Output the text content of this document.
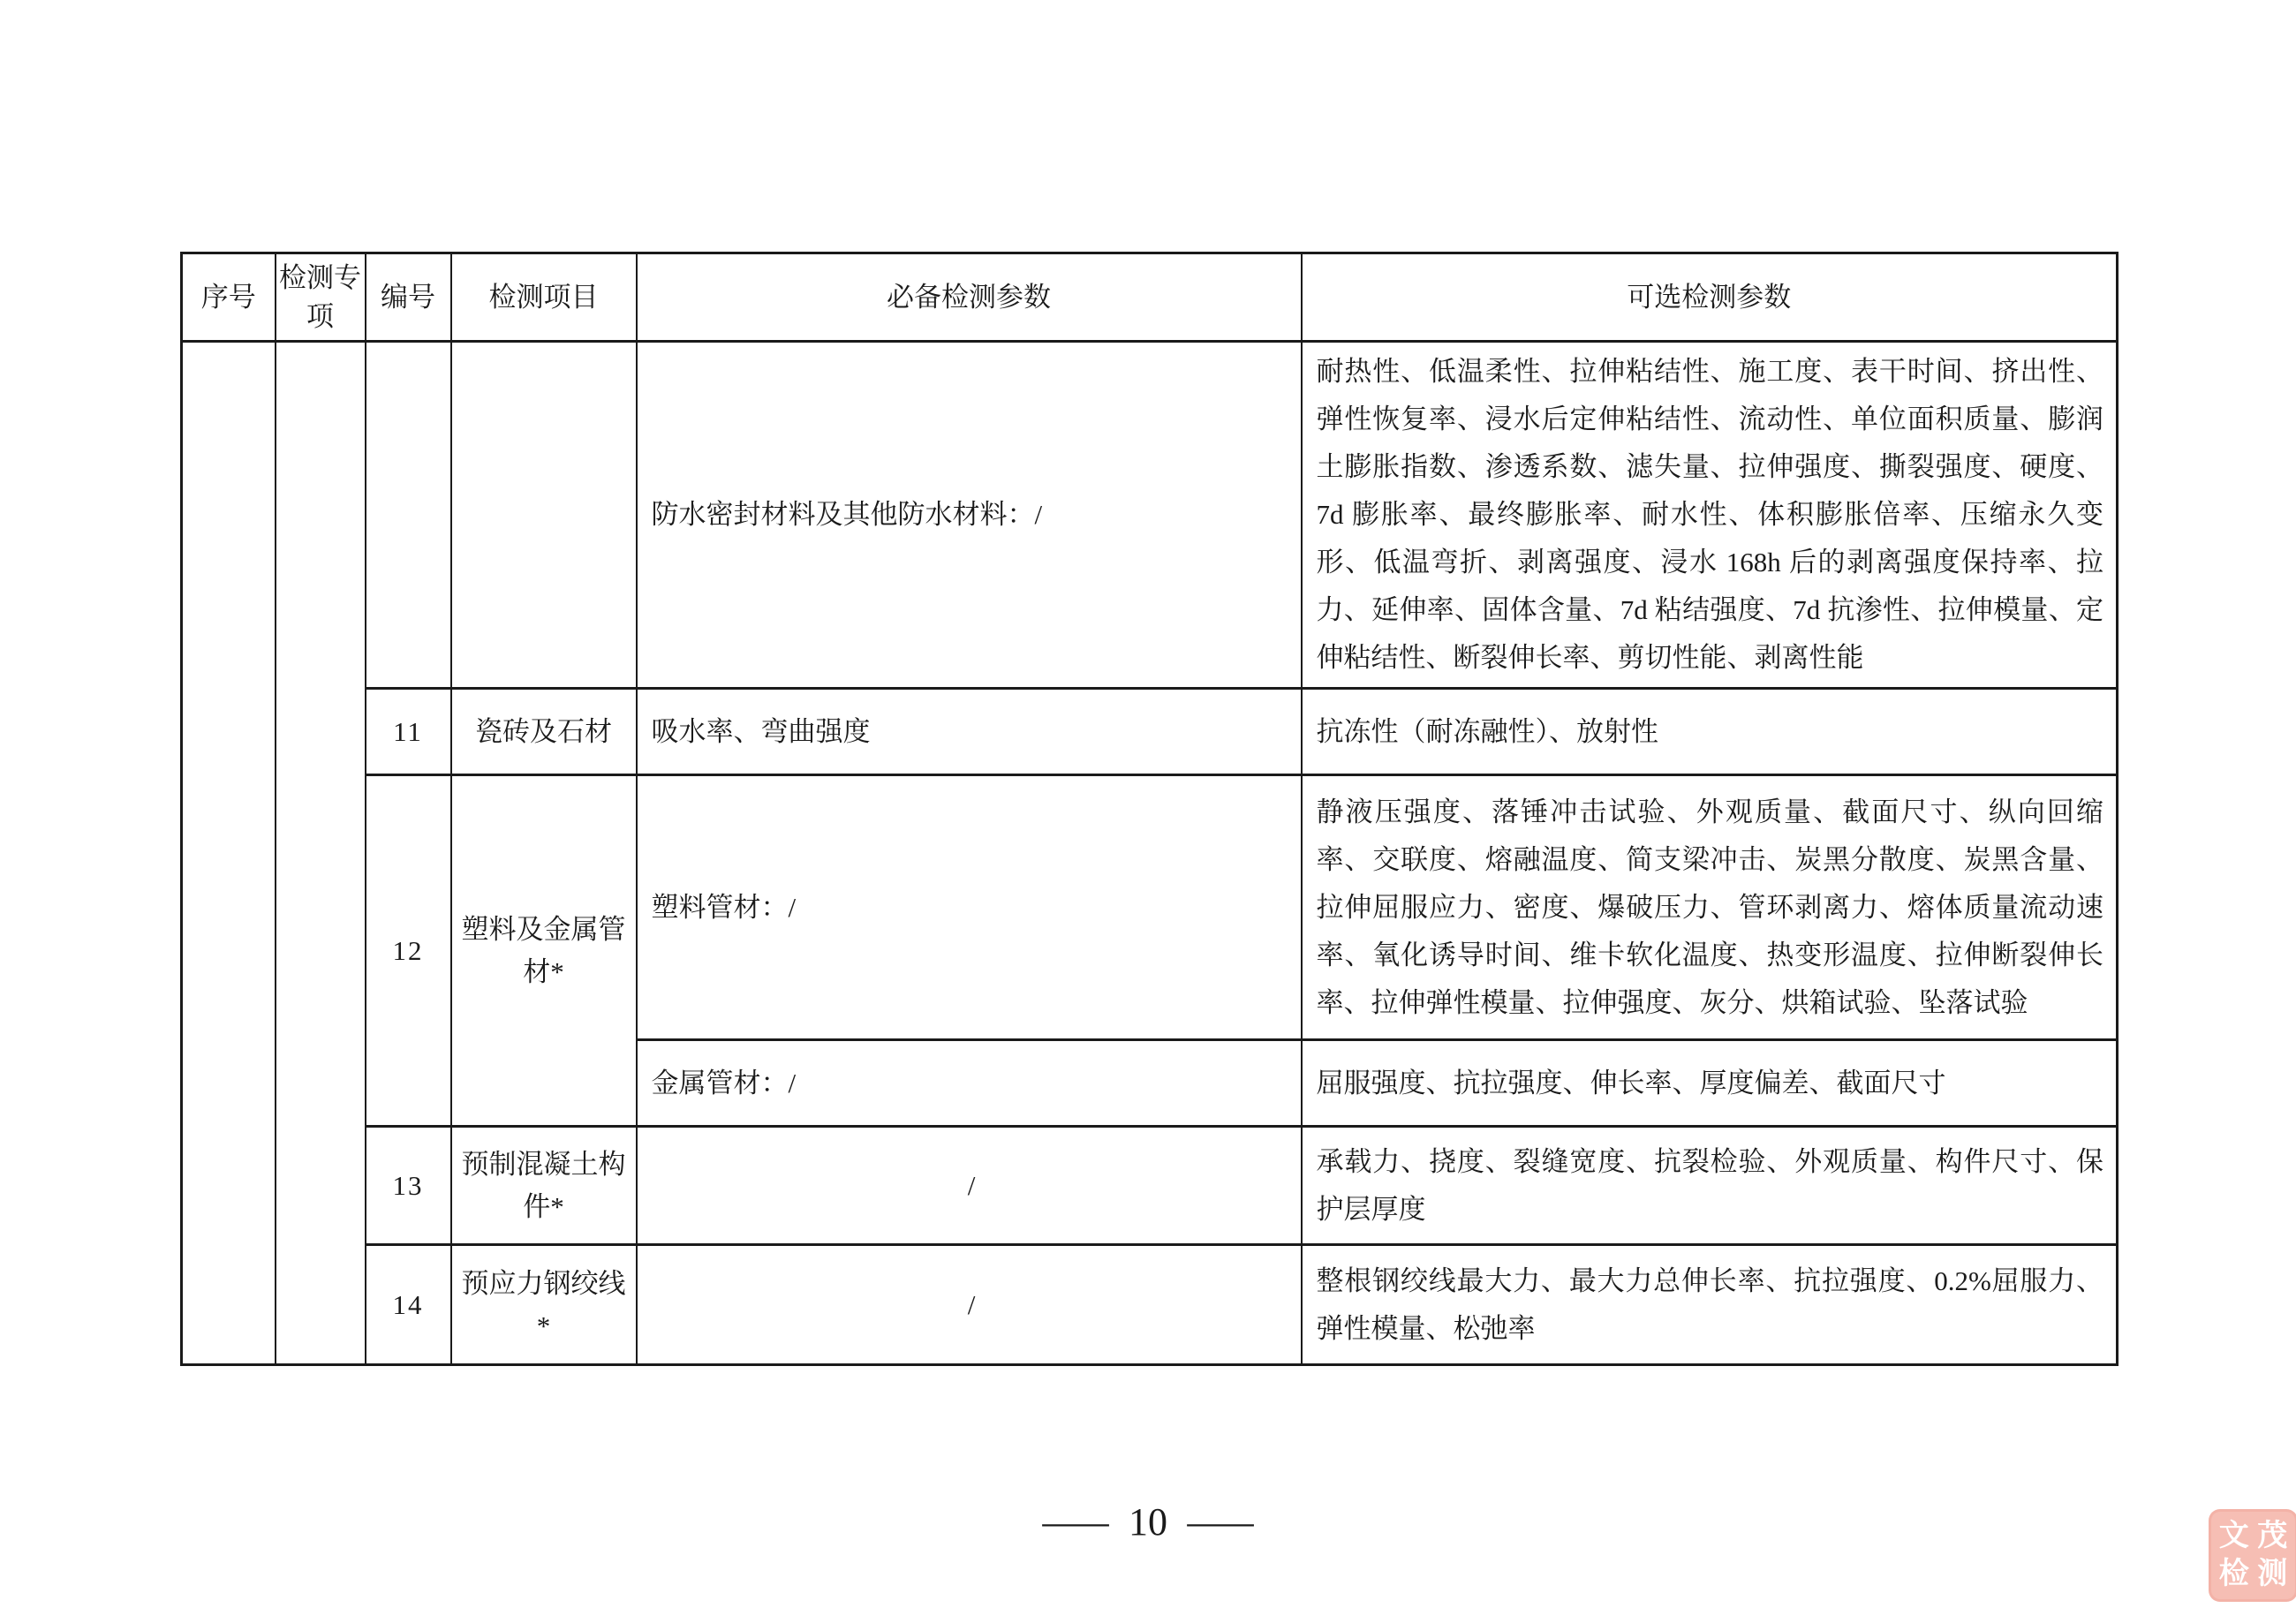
序号	检测专项	编号	检测项目	必备检测参数	可选检测参数
				防水密封材料及其他防水材料：/	耐热性、低温柔性、拉伸粘结性、施工度、表干时间、挤出性、弹性恢复率、浸水后定伸粘结性、流动性、单位面积质量、膨润土膨胀指数、渗透系数、滤失量、拉伸强度、撕裂强度、硬度、7d 膨胀率、最终膨胀率、耐水性、体积膨胀倍率、压缩永久变形、低温弯折、剥离强度、浸水 168h 后的剥离强度保持率、拉力、延伸率、固体含量、7d 粘结强度、7d 抗渗性、拉伸模量、定伸粘结性、断裂伸长率、剪切性能、剥离性能
		11	瓷砖及石材	吸水率、弯曲强度	抗冻性（耐冻融性）、放射性
		12	塑料及金属管材*	塑料管材：/	静液压强度、落锤冲击试验、外观质量、截面尺寸、纵向回缩率、交联度、熔融温度、简支梁冲击、炭黑分散度、炭黑含量、拉伸屈服应力、密度、爆破压力、管环剥离力、熔体质量流动速率、氧化诱导时间、维卡软化温度、热变形温度、拉伸断裂伸长率、拉伸弹性模量、拉伸强度、灰分、烘箱试验、坠落试验
				金属管材：/	屈服强度、抗拉强度、伸长率、厚度偏差、截面尺寸
		13	预制混凝土构件*	/	承载力、挠度、裂缝宽度、抗裂检验、外观质量、构件尺寸、保护层厚度
		14	预应力钢绞线*	/	整根钢绞线最大力、最大力总伸长率、抗拉强度、0.2%屈服力、弹性模量、松弛率
— 10 —	文 茂
检 测
